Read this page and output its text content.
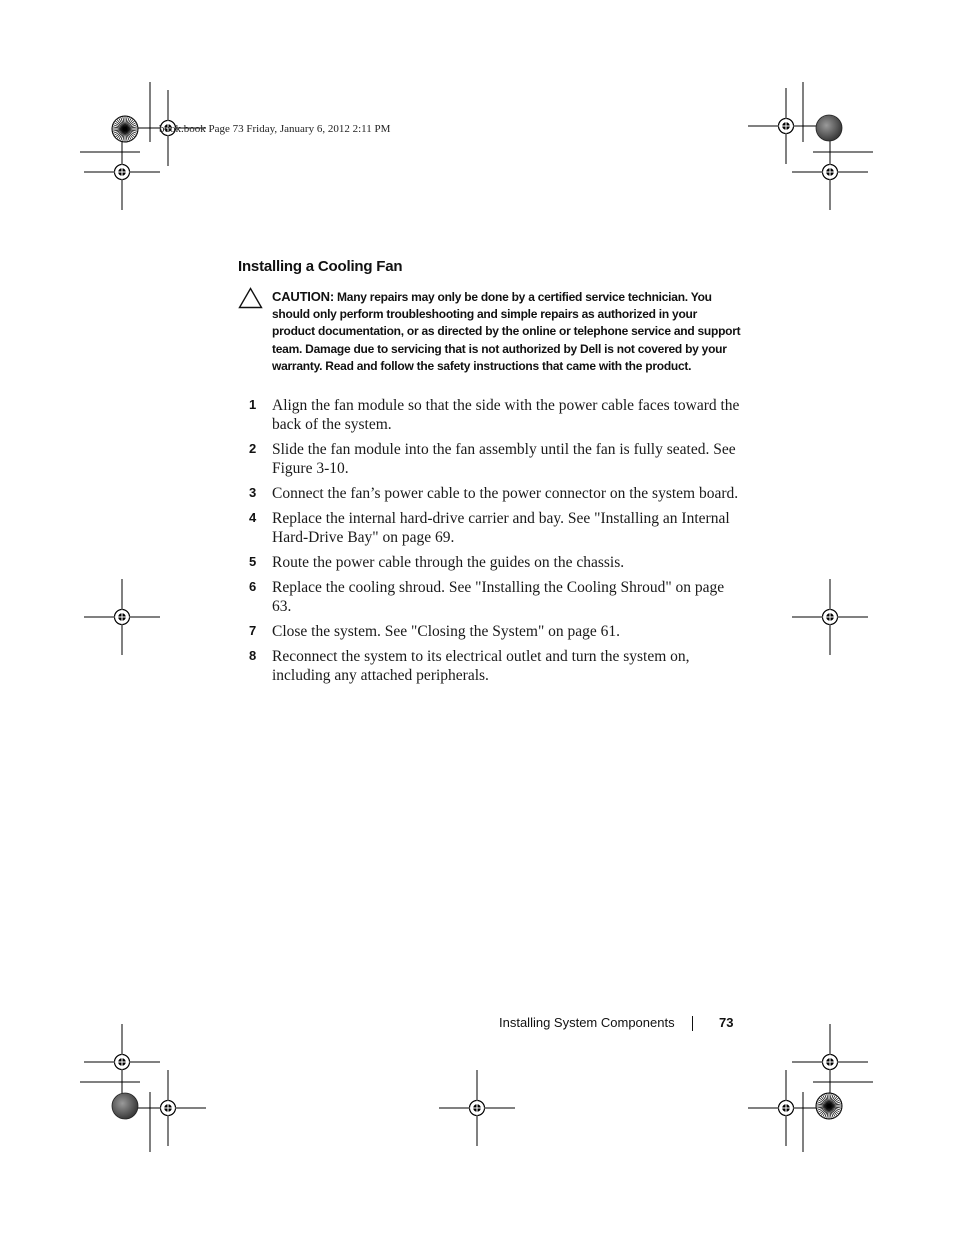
book.book Page 73 Friday, January 6, 2012 2:11 PM
Installing a Cooling Fan
CAUTION: Many repairs may only be done by a certified service technician. You should only perform troubleshooting and simple repairs as authorized in your product documentation, or as directed by the online or telephone service and support team. Damage due to servicing that is not authorized by Dell is not covered by your warranty. Read and follow the safety instructions that came with the product.
1 Align the fan module so that the side with the power cable faces toward the back of the system.
2 Slide the fan module into the fan assembly until the fan is fully seated. See Figure 3-10.
3 Connect the fan’s power cable to the power connector on the system board.
4 Replace the internal hard-drive carrier and bay. See "Installing an Internal Hard-Drive Bay" on page 69.
5 Route the power cable through the guides on the chassis.
6 Replace the cooling shroud. See "Installing the Cooling Shroud" on page 63.
7 Close the system. See "Closing the System" on page 61.
8 Reconnect the system to its electrical outlet and turn the system on, including any attached peripherals.
Installing System Components	73
